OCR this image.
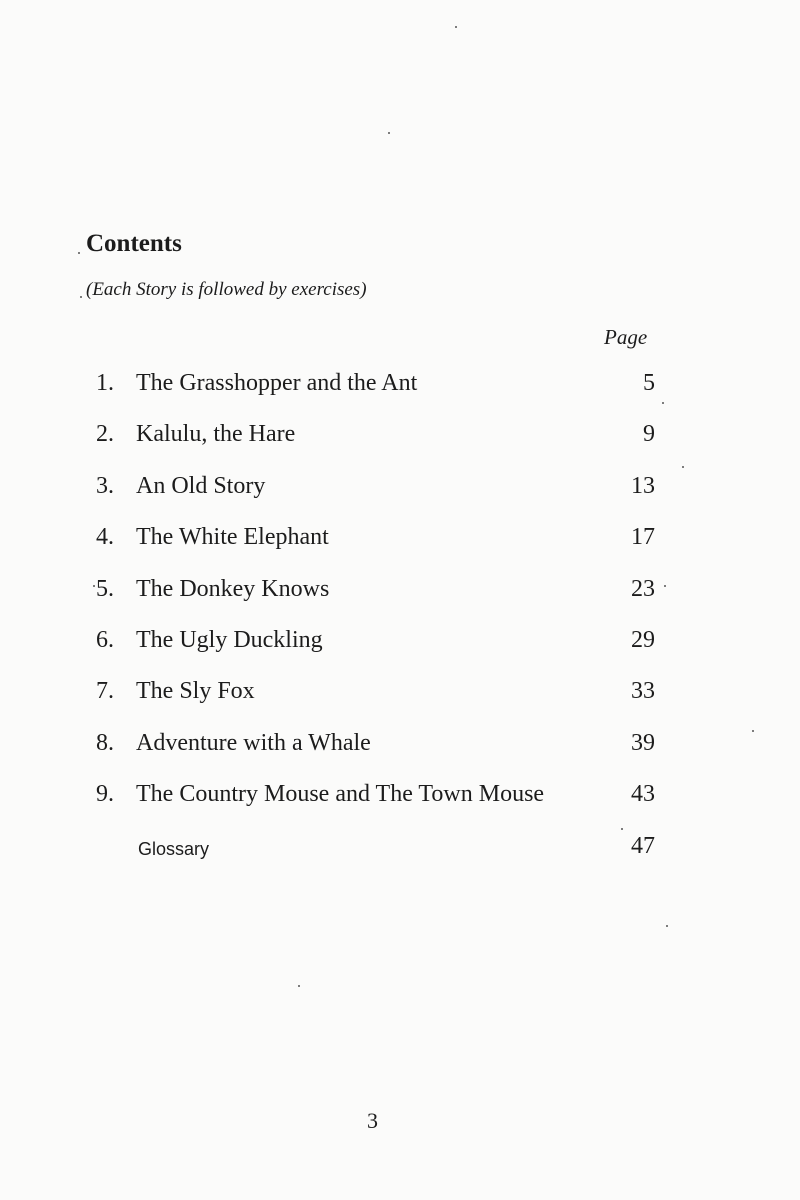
Contents

(Each Story is followed by exercises)

Page
1. The Grasshopper and the Ant	5
2. Kalulu, the Hare	9
3. An Old Story	13
4. The White Elephant	17
5. The Donkey Knows	23
6. The Ugly Duckling	29
7. The Sly Fox	33
8. Adventure with a Whale	39
9. The Country Mouse and The Town Mouse	43
Glossary	47
3
